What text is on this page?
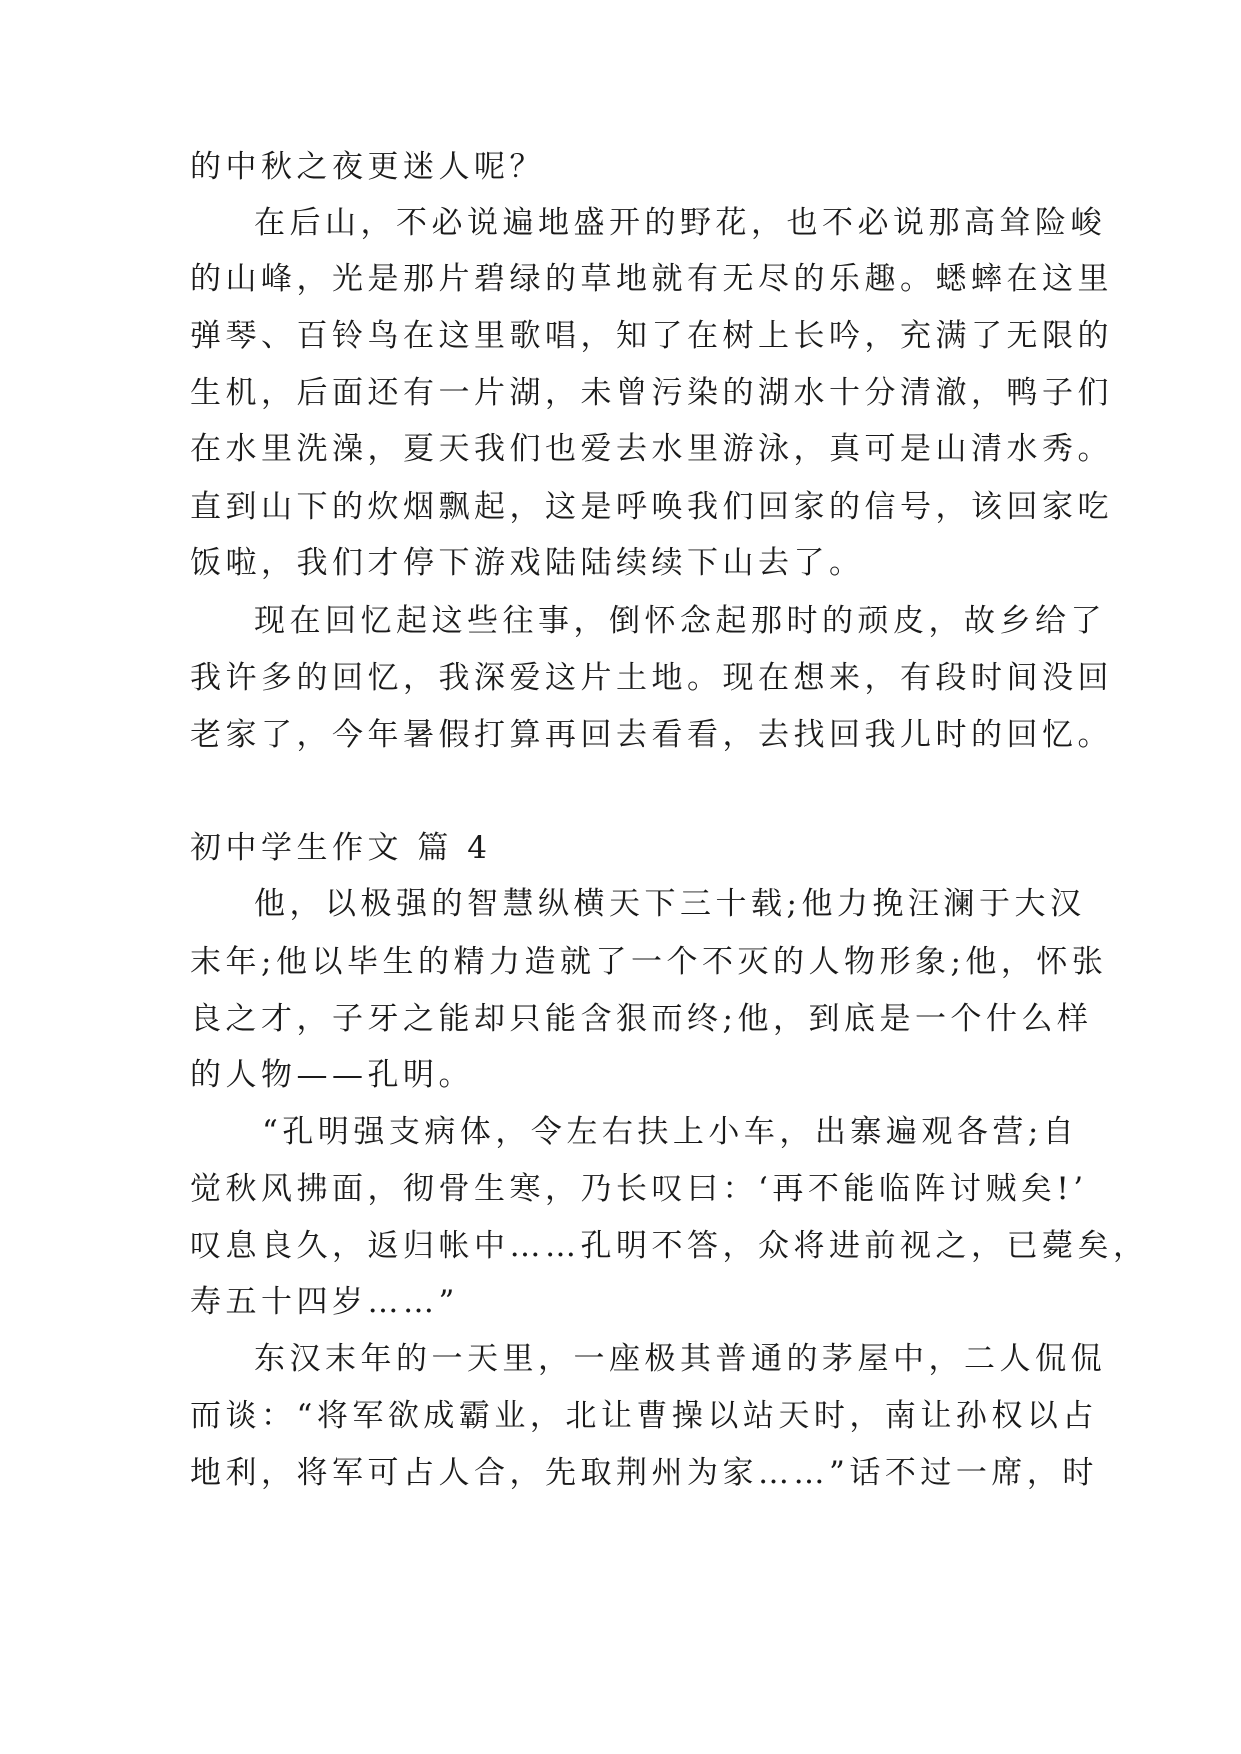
的中秋之夜更迷人呢？
在后山，不必说遍地盛开的野花，也不必说那高耸险峻
的山峰，光是那片碧绿的草地就有无尽的乐趣。蟋蟀在这里
弹琴、百铃鸟在这里歌唱，知了在树上长吟，充满了无限的
生机，后面还有一片湖，未曾污染的湖水十分清澈，鸭子们
在水里洗澡，夏天我们也爱去水里游泳，真可是山清水秀。
直到山下的炊烟飘起，这是呼唤我们回家的信号，该回家吃
饭啦，我们才停下游戏陆陆续续下山去了。
现在回忆起这些往事，倒怀念起那时的顽皮，故乡给了
我许多的回忆，我深爱这片土地。现在想来，有段时间没回
老家了，今年暑假打算再回去看看，去找回我儿时的回忆。
初中学生作文 篇 4
他，以极强的智慧纵横天下三十载;他力挽汪澜于大汉
末年;他以毕生的精力造就了一个不灭的人物形象;他，怀张
良之才，子牙之能却只能含狠而终;他，到底是一个什么样
的人物——孔明。
“孔明强支病体，令左右扶上小车，出寨遍观各营;自
觉秋风拂面，彻骨生寒，乃长叹曰：‘再不能临阵讨贼矣!’
叹息良久，返归帐中……孔明不答，众将进前视之，已薨矣，
寿五十四岁……”
东汉末年的一天里，一座极其普通的茅屋中，二人侃侃
而谈：“将军欲成霸业，北让曹操以站天时，南让孙权以占
地利，将军可占人合，先取荆州为家……”话不过一席，时
